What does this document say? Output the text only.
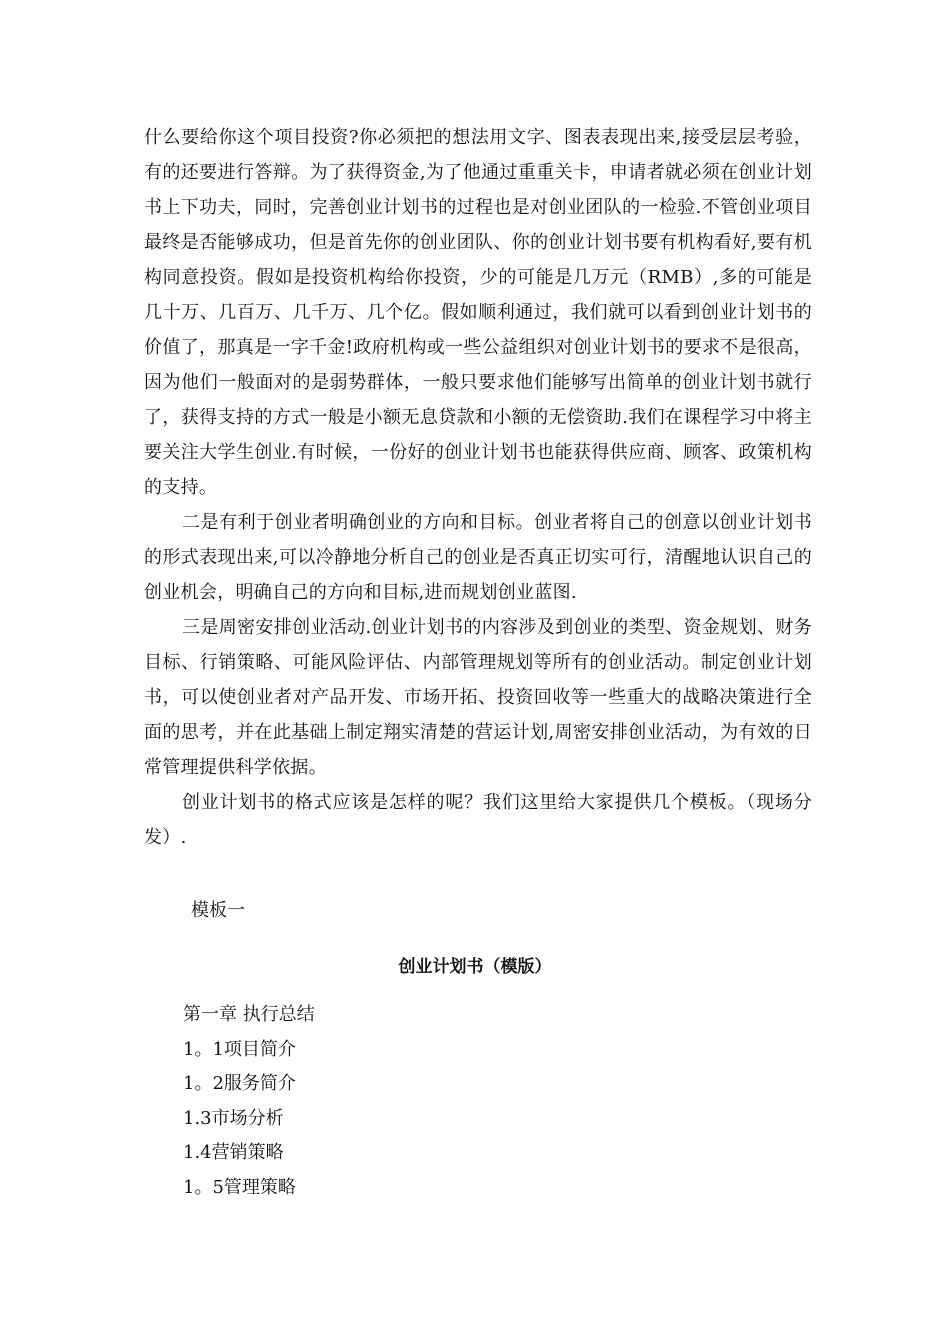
什么要给你这个项目投资?你必须把的想法用文字、图表表现出来,接受层层考验，有的还要进行答辩。为了获得资金,为了他通过重重关卡，申请者就必须在创业计划书上下功夫，同时，完善创业计划书的过程也是对创业团队的一检验.不管创业项目最终是否能够成功，但是首先你的创业团队、你的创业计划书要有机构看好,要有机构同意投资。假如是投资机构给你投资，少的可能是几万元（RMB）,多的可能是几十万、几百万、几千万、几个亿。假如顺利通过，我们就可以看到创业计划书的价值了，那真是一字千金!政府机构或一些公益组织对创业计划书的要求不是很高，因为他们一般面对的是弱势群体，一般只要求他们能够写出简单的创业计划书就行了，获得支持的方式一般是小额无息贷款和小额的无偿资助.我们在课程学习中将主要关注大学生创业.有时候，一份好的创业计划书也能获得供应商、顾客、政策机构的支持。

二是有利于创业者明确创业的方向和目标。创业者将自己的创意以创业计划书的形式表现出来,可以冷静地分析自己的创业是否真正切实可行，清醒地认识自己的创业机会，明确自己的方向和目标,进而规划创业蓝图.

三是周密安排创业活动.创业计划书的内容涉及到创业的类型、资金规划、财务目标、行销策略、可能风险评估、内部管理规划等所有的创业活动。制定创业计划书，可以使创业者对产品开发、市场开拓、投资回收等一些重大的战略决策进行全面的思考，并在此基础上制定翔实清楚的营运计划,周密安排创业活动，为有效的日常管理提供科学依据。

创业计划书的格式应该是怎样的呢？我们这里给大家提供几个模板。（现场分发）.

模板一
创业计划书（模版）
第一章 执行总结
1。1项目简介
1。2服务简介
1.3市场分析
1.4营销策略
1。5管理策略
